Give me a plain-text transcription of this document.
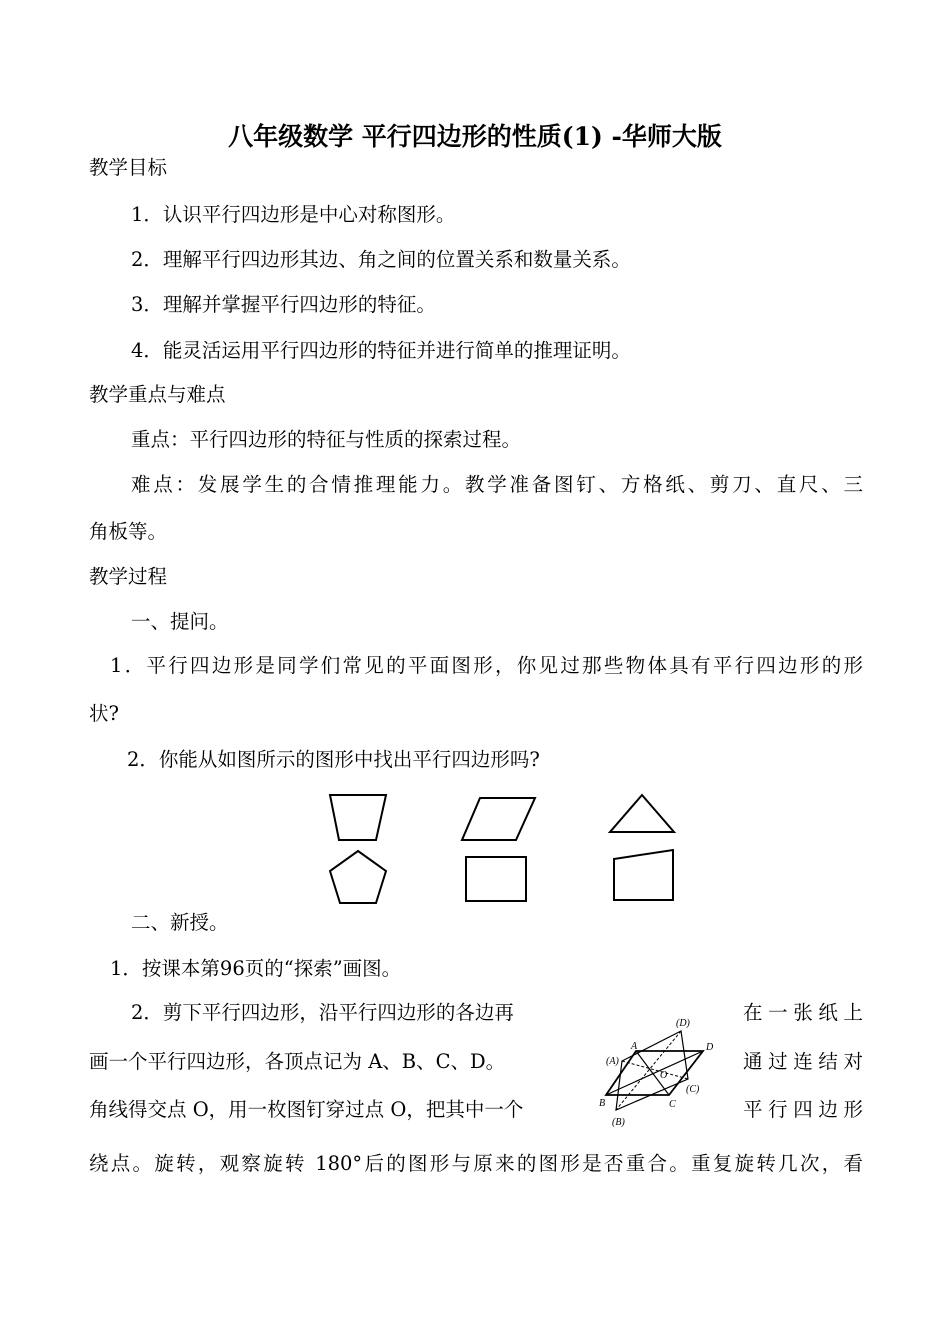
八年级数学 平行四边形的性质(1) -华师大版
教学目标
1．认识平行四边形是中心对称图形。
2．理解平行四边形其边、角之间的位置关系和数量关系。
3．理解并掌握平行四边形的特征。
4．能灵活运用平行四边形的特征并进行简单的推理证明。
教学重点与难点
重点：平行四边形的特征与性质的探索过程。
难点：发展学生的合情推理能力。教学准备图钉、方格纸、剪刀、直尺、三
角板等。
教学过程
一、提问。
1．平行四边形是同学们常见的平面图形，你见过那些物体具有平行四边形的形
状?
2．你能从如图所示的图形中找出平行四边形吗?
二、新授。
1．按课本第96页的“探索”画图。
2．剪下平行四边形，沿平行四边形的各边再	在一张纸上
画一个平行四边形，各顶点记为 A、B、C、D。	通过连结对
角线得交点 O，用一枚图钉穿过点 O，把其中一个	平行四边形
绕点。旋转，观察旋转 180°后的图形与原来的图形是否重合。重复旋转几次，看
(D)
D
(A)
A
O
(C)
B	C
(B)
